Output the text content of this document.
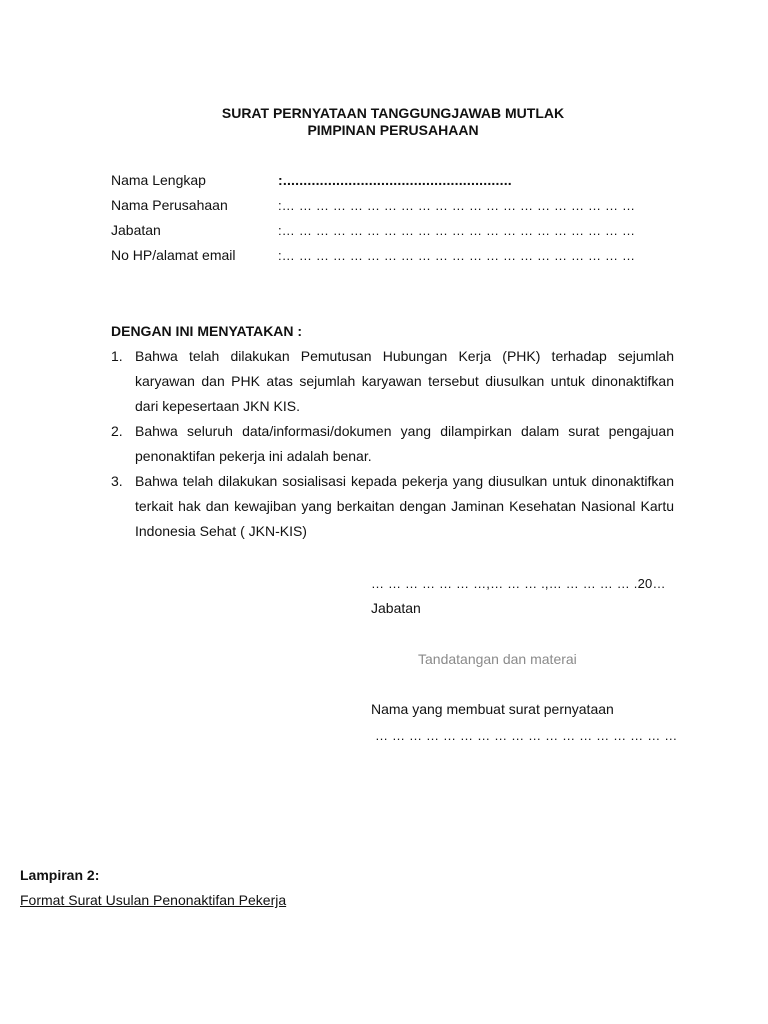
SURAT PERNYATAAN TANGGUNGJAWAB MUTLAK
PIMPINAN PERUSAHAAN
Nama Lengkap	:........................................................
Nama Perusahaan	:… … … … … … … … … … … … … … … … … … … … …
Jabatan	:… … … … … … … … … … … … … … … … … … … … …
No HP/alamat email	:… … … … … … … … … … … … … … … … … … … … …
DENGAN INI MENYATAKAN :
1. Bahwa telah dilakukan Pemutusan Hubungan Kerja (PHK) terhadap sejumlah karyawan dan PHK atas sejumlah karyawan tersebut diusulkan untuk dinonaktifkan dari kepesertaan JKN KIS.
2. Bahwa seluruh data/informasi/dokumen yang dilampirkan dalam surat pengajuan penonaktifan pekerja ini adalah benar.
3. Bahwa telah dilakukan sosialisasi kepada pekerja yang diusulkan untuk dinonaktifkan terkait hak dan kewajiban yang berkaitan dengan Jaminan Kesehatan Nasional Kartu Indonesia Sehat ( JKN-KIS)
… … … … … … …,… … … .,… … … … … .20…
Jabatan
Tandatangan dan materai
Nama yang membuat surat pernyataan
… … … … … … … … … … … … … … … … … …
Lampiran 2:
Format Surat Usulan Penonaktifan Pekerja
